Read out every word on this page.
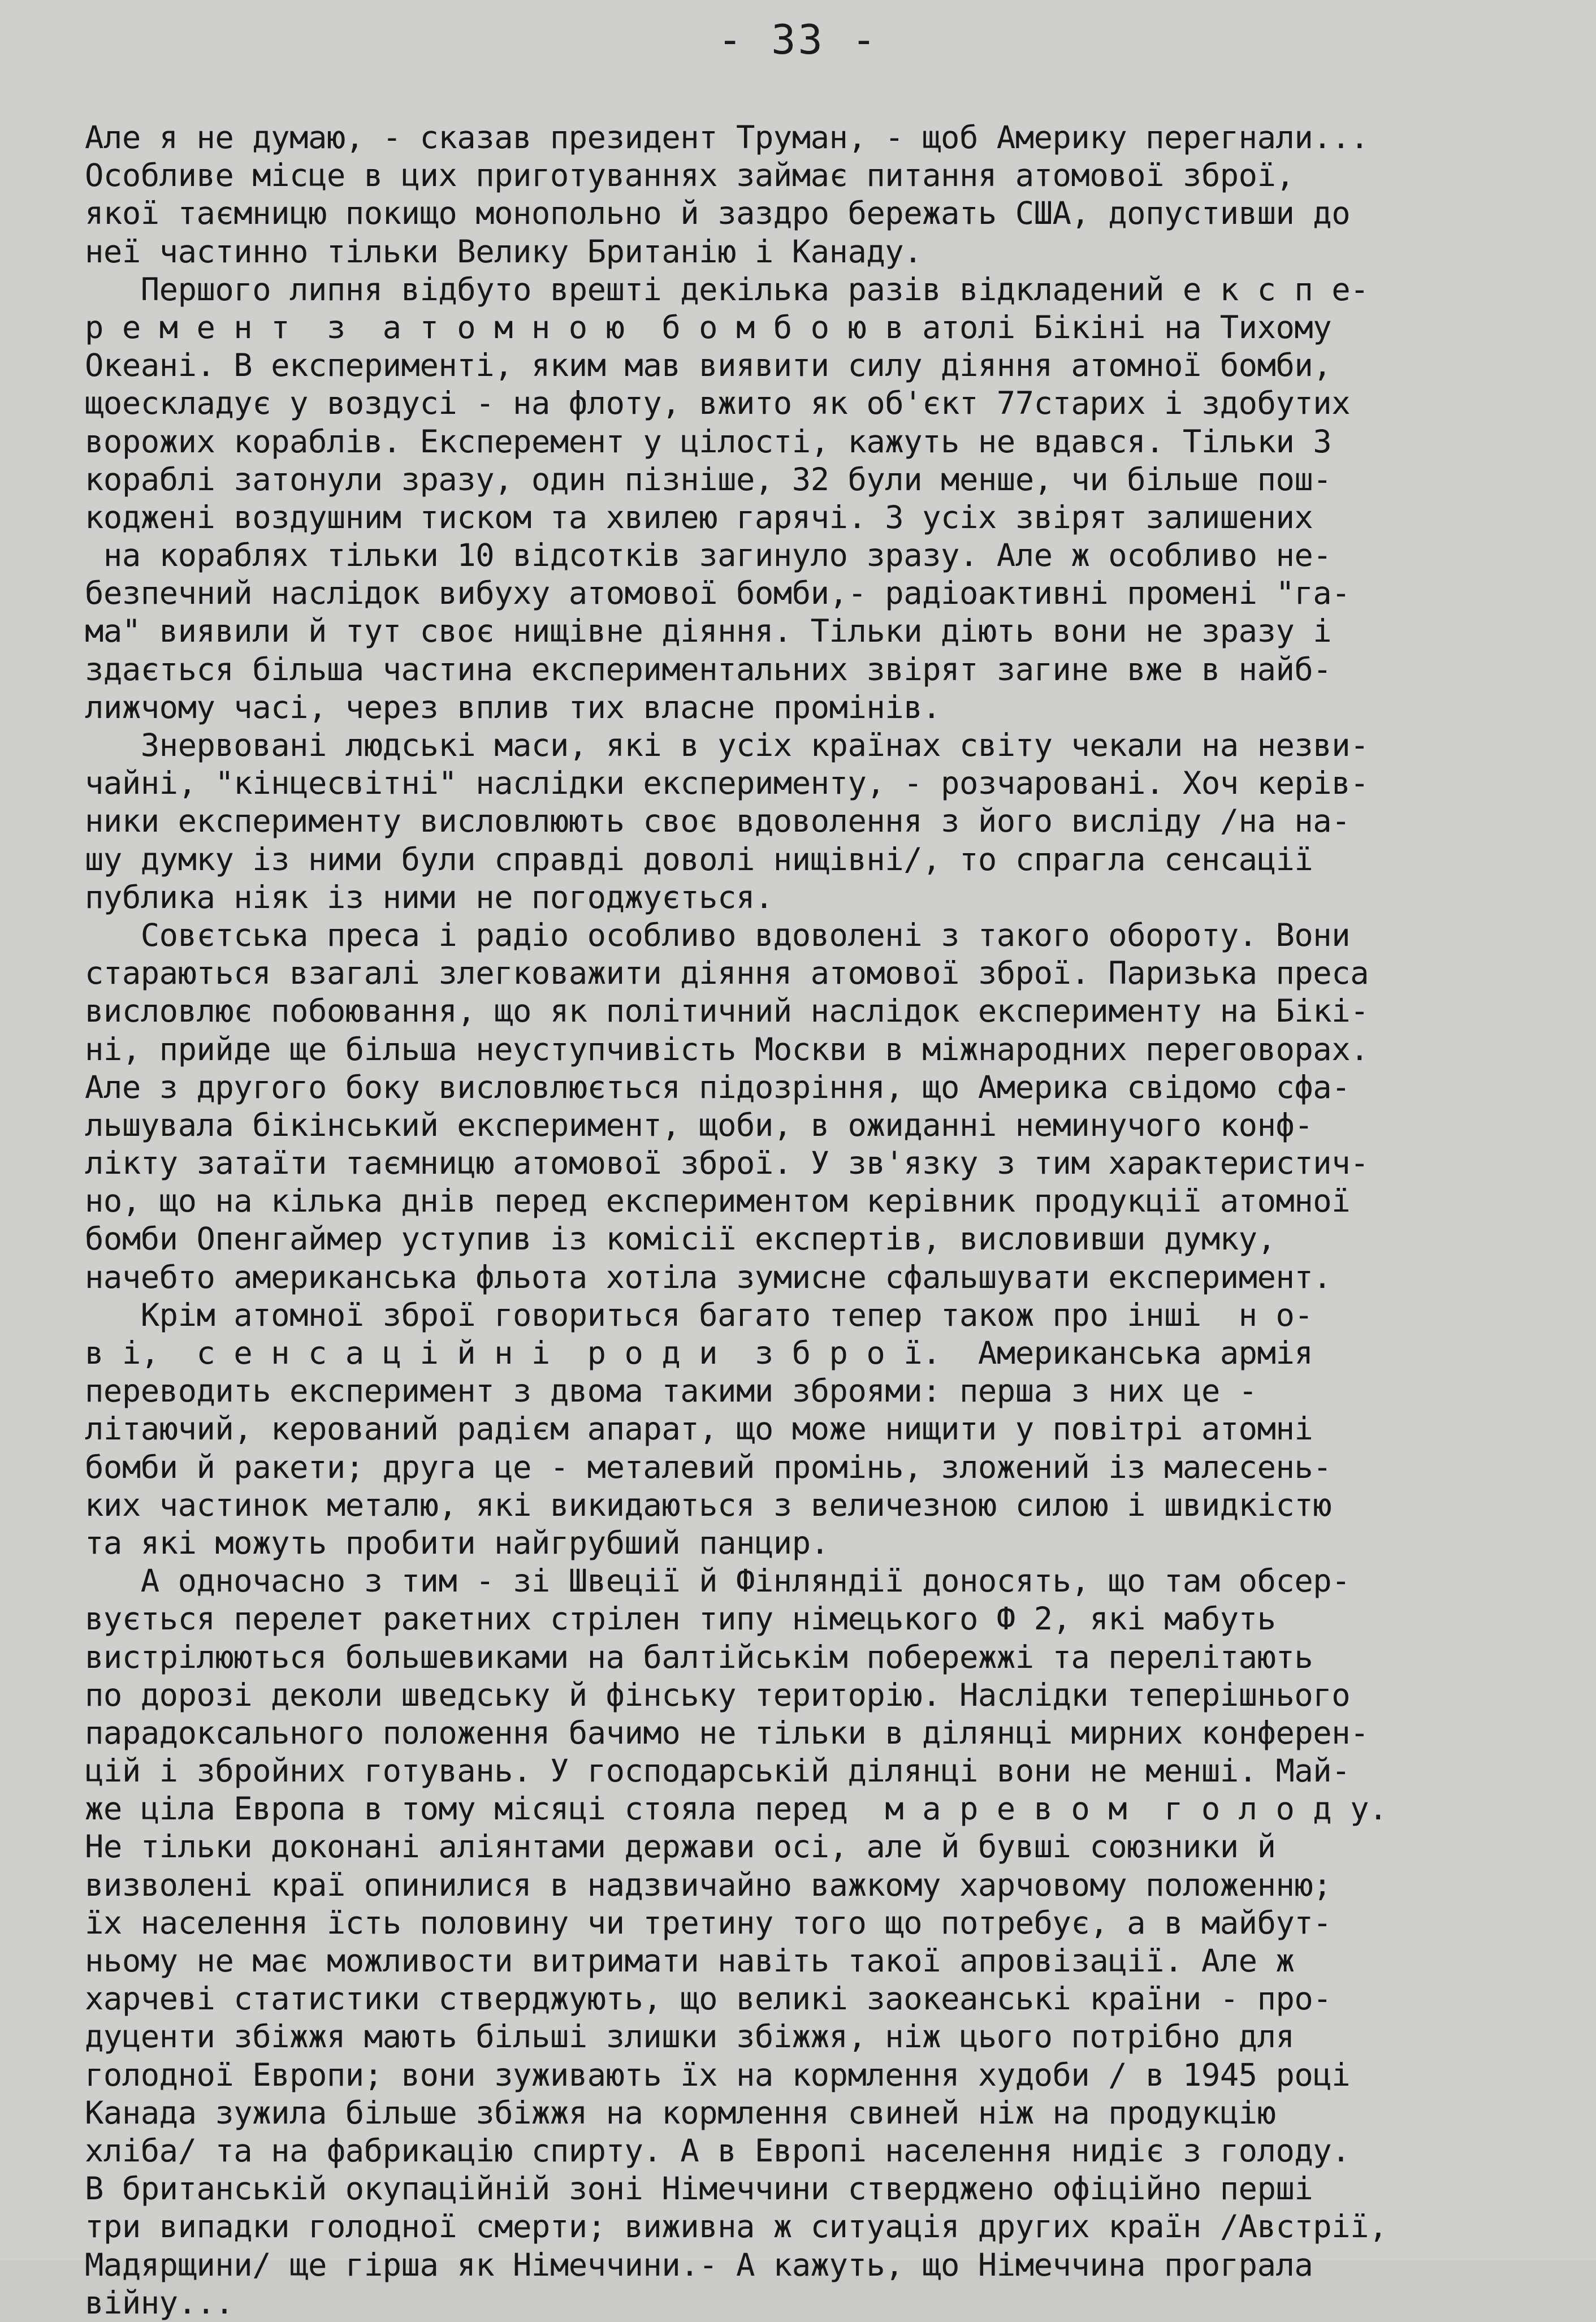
- 33 -
Але я не думаю, - сказав президент Труман, - щоб Америку перегнали...
Особливе місце в цих приготуваннях займає питання атомової зброї,
якої таємницю покищо монопольно й заздро бережать США, допустивши до
неї частинно тільки Велику Британію і Канаду.
Першого липня відбуто врешті декілька разів відкладений е к с п е-
р е м е н т  з  а т о м н о ю  б о м б о ю в атолі Бікіні на Тихому
Океані. В експерименті, яким мав виявити силу діяння атомної бомби,
щоескладує у воздусі - на флоту, вжито як об'єкт 77старих і здобутих
ворожих кораблів. Експеремент у цілості, кажуть не вдався. Тільки 3
кораблі затонули зразу, один пізніше, 32 були менше, чи більше пош-
коджені воздушним тиском та хвилею гарячі. З усіх звірят залишених
на кораблях тільки 10 відсотків загинуло зразу. Але ж особливо не-
безпечний наслідок вибуху атомової бомби,- радіоактивні промені "га-
ма" виявили й тут своє нищівне діяння. Тільки діють вони не зразу і
здається більша частина експериментальних звірят загине вже в найб-
лижчому часі, через вплив тих власне промінів.
Знервовані людські маси, які в усіх країнах світу чекали на незви-
чайні, "кінцесвітні" наслідки експерименту, - розчаровані. Хоч керів-
ники експерименту висловлюють своє вдоволення з його висліду /на на-
шу думку із ними були справді доволі нищівні/, то спрагла сенсації
публика ніяк із ними не погоджується.
Совєтська преса і радіо особливо вдоволені з такого обороту. Вони
стараються взагалі злегковажити діяння атомової зброї. Паризька преса
висловлює побоювання, що як політичний наслідок експерименту на Бікі-
ні, прийде ще більша неуступчивість Москви в міжнародних переговорах.
Але з другого боку висловлюється підозріння, що Америка свідомо сфа-
льшувала бікінський експеримент, щоби, в ожиданні неминучого конф-
лікту затаїти таємницю атомової зброї. У зв'язку з тим характеристич-
но, що на кілька днів перед експериментом керівник продукції атомної
бомби Опенгаймер уступив із комісії експертів, висловивши думку,
начебто американська фльота хотіла зумисне сфальшувати експеримент.
Крім атомної зброї говориться багато тепер також про інші  н о-
в і,  с е н с а ц і й н і  р о д и  з б р о ї.  Американська армія
переводить експеримент з двома такими зброями: перша з них це -
літаючий, керований радієм апарат, що може нищити у повітрі атомні
бомби й ракети; друга це - металевий промінь, зложений із малесень-
ких частинок металю, які викидаються з величезною силою і швидкістю
та які можуть пробити найгрубший панцир.
А одночасно з тим - зі Швеції й Фінляндії доносять, що там обсер-
вується перелет ракетних стрілен типу німецького Ф 2, які мабуть
вистрілюються большевиками на балтійськім побережжі та перелітають
по дорозі деколи шведську й фінську територію. Наслідки теперішнього
парадоксального положення бачимо не тільки в ділянці мирних конферен-
цій і збройних готувань. У господарській ділянці вони не менші. Май-
же ціла Европа в тому місяці стояла перед  м а р е в о м  г о л о д у.
Не тільки доконані аліянтами держави осі, але й бувші союзники й
визволені краї опинилися в надзвичайно важкому харчовому положенню;
їх населення їсть половину чи третину того що потребує, а в майбут-
ньому не має можливости витримати навіть такої апровізації. Але ж
харчеві статистики стверджують, що великі заокеанські країни - про-
дуценти збіжжя мають більші злишки збіжжя, ніж цього потрібно для
голодної Европи; вони зуживають їх на кормлення худоби / в 1945 році
Канада зужила більше збіжжя на кормлення свиней ніж на продукцію
хліба/ та на фабрикацію спирту. А в Европі населення нидіє з голоду.
В британській окупаційній зоні Німеччини стверджено офіційно перші
три випадки голодної смерти; виживна ж ситуація других країн /Австрії,
Мадярщини/ ще гірша як Німеччини.- А кажуть, що Німеччина програла
війну...
